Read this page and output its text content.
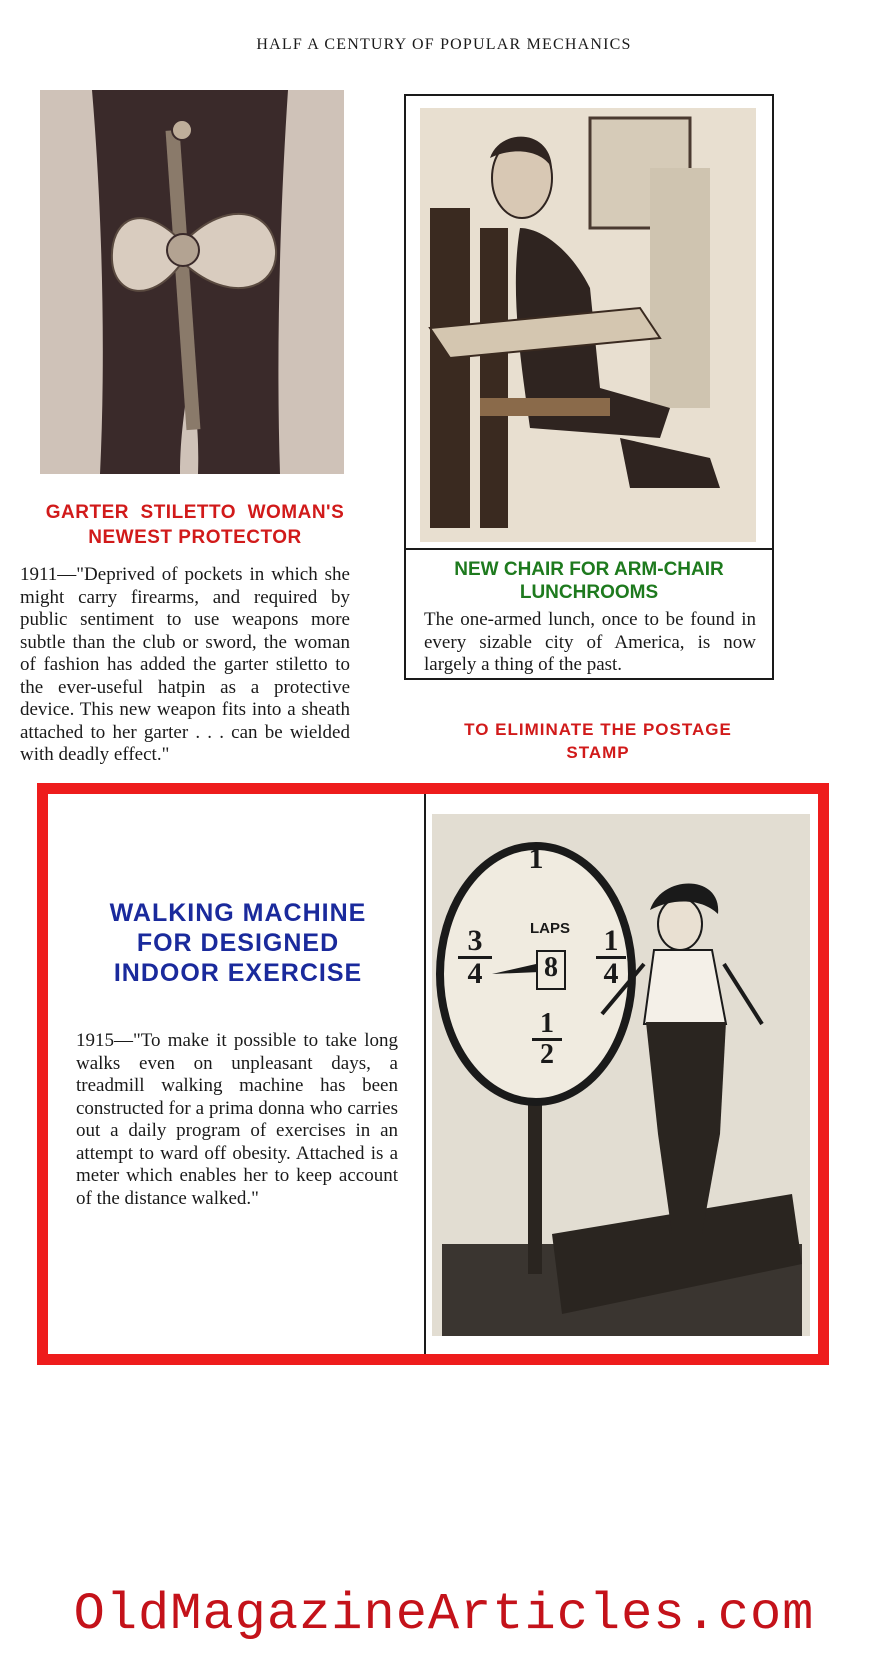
HALF A CENTURY OF POPULAR MECHANICS
GARTER  STILETTO  WOMAN'S
NEWEST PROTECTOR
1911—"Deprived of pockets in which she might carry firearms, and required by public sentiment to use weapons more subtle than the club or sword, the woman of fashion has added the garter stiletto to the ever-useful hatpin as a protective device. This new weapon fits into a sheath attached to her garter . . . can be wielded with deadly effect."
NEW CHAIR FOR ARM-CHAIR
LUNCHROOMS
The one-armed lunch, once to be found in every sizable city of America, is now largely a thing of the past.
TO ELIMINATE THE POSTAGE
STAMP
WALKING MACHINE
FOR DESIGNED
INDOOR EXERCISE
1915—"To make it possible to take long walks even on unpleasant days, a treadmill walking machine has been constructed for a prima donna who carries out a daily program of exercises in an attempt to ward off obesity. Attached is a meter which enables her to keep account of the distance walked."
1
$\frac{3}{4}$	$\frac{1}{4}$
$\frac{1}{2}$
LAPS
8
OldMagazineArticles.com
